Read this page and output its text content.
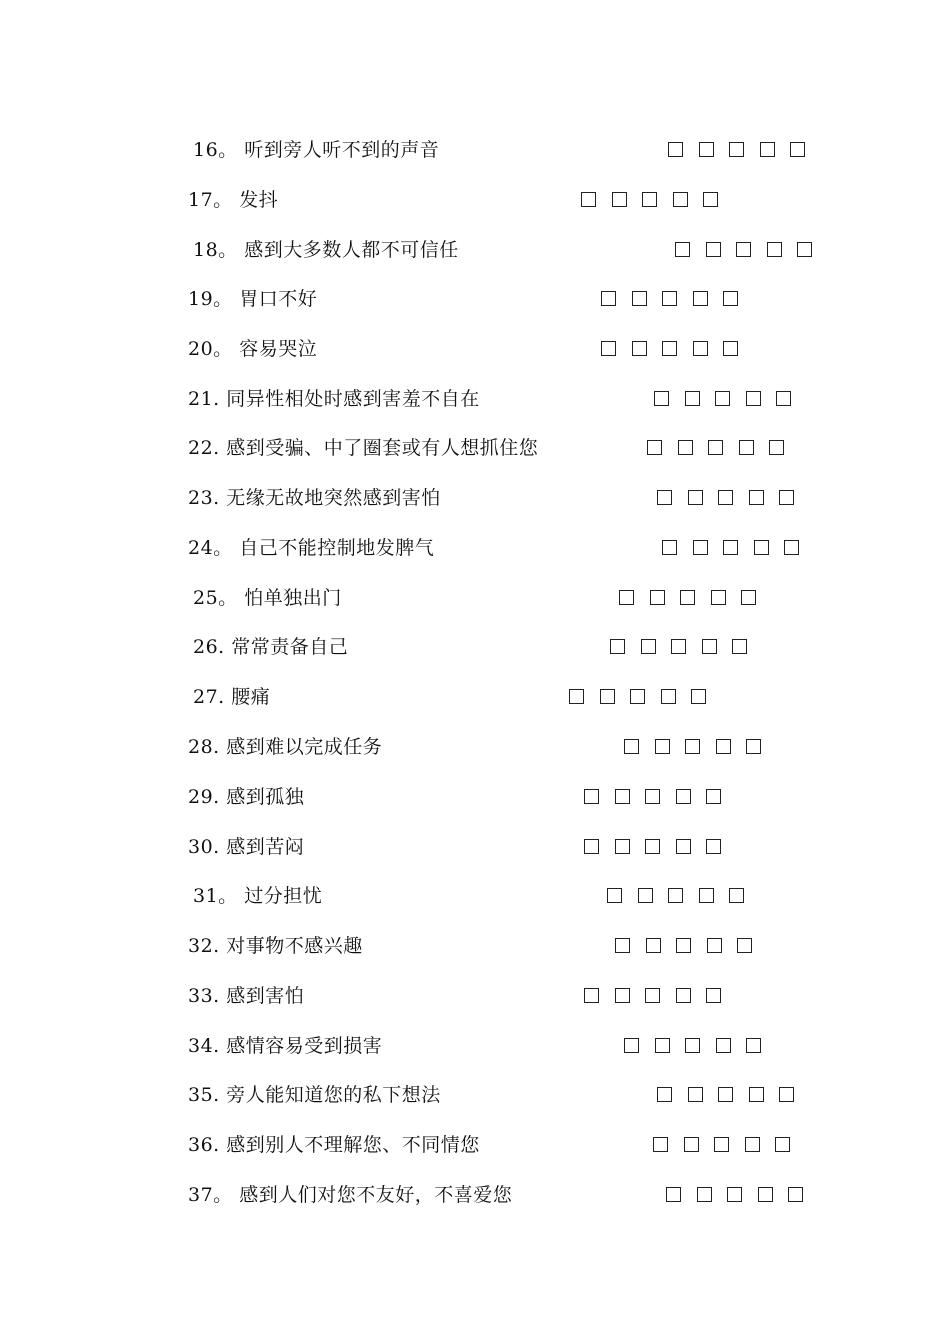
16。 听到旁人听不到的声音
17。 发抖
18。 感到大多数人都不可信任
19。 胃口不好
20。 容易哭泣
21. 同异性相处时感到害羞不自在
22. 感到受骗、中了圈套或有人想抓住您
23. 无缘无故地突然感到害怕
24。 自己不能控制地发脾气
25。 怕单独出门
26. 常常责备自己
27. 腰痛
28. 感到难以完成任务
29. 感到孤独
30. 感到苦闷
31。 过分担忧
32. 对事物不感兴趣
33. 感到害怕
34. 感情容易受到损害
35. 旁人能知道您的私下想法
36. 感到别人不理解您、不同情您
37。 感到人们对您不友好，不喜爱您
